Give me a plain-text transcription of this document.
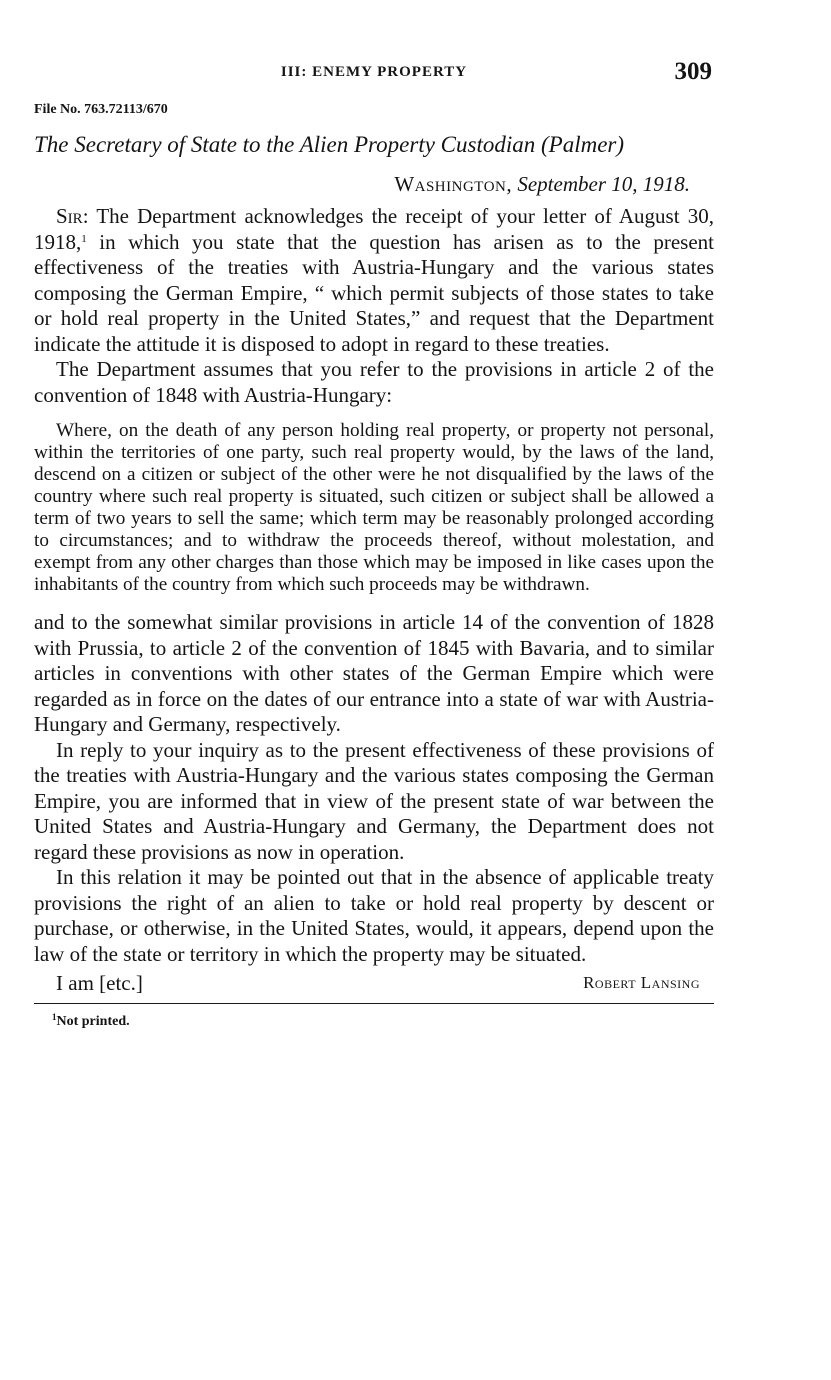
III: ENEMY PROPERTY	309
File No. 763.72113/670
The Secretary of State to the Alien Property Custodian (Palmer)
Washington, September 10, 1918.

Sir: The Department acknowledges the receipt of your letter of August 30, 1918,$^1$ in which you state that the question has arisen as to the present effectiveness of the treaties with Austria-Hungary and the various states composing the German Empire, “ which permit subjects of those states to take or hold real property in the United States,” and request that the Department indicate the attitude it is disposed to adopt in regard to these treaties.

The Department assumes that you refer to the provisions in article 2 of the convention of 1848 with Austria-Hungary:

Where, on the death of any person holding real property, or property not personal, within the territories of one party, such real property would, by the laws of the land, descend on a citizen or subject of the other were he not disqualified by the laws of the country where such real property is situated, such citizen or subject shall be allowed a term of two years to sell the same; which term may be reasonably prolonged according to circumstances; and to withdraw the proceeds thereof, without molestation, and exempt from any other charges than those which may be imposed in like cases upon the inhabitants of the country from which such proceeds may be withdrawn.

and to the somewhat similar provisions in article 14 of the convention of 1828 with Prussia, to article 2 of the convention of 1845 with Bavaria, and to similar articles in conventions with other states of the German Empire which were regarded as in force on the dates of our entrance into a state of war with Austria-Hungary and Germany, respectively.

In reply to your inquiry as to the present effectiveness of these provisions of the treaties with Austria-Hungary and the various states composing the German Empire, you are informed that in view of the present state of war between the United States and Austria-Hungary and Germany, the Department does not regard these provisions as now in operation.

In this relation it may be pointed out that in the absence of applicable treaty provisions the right of an alien to take or hold real property by descent or purchase, or otherwise, in the United States, would, it appears, depend upon the law of the state or territory in which the property may be situated.

I am [etc.]	Robert Lansing
$^1$Not printed.
